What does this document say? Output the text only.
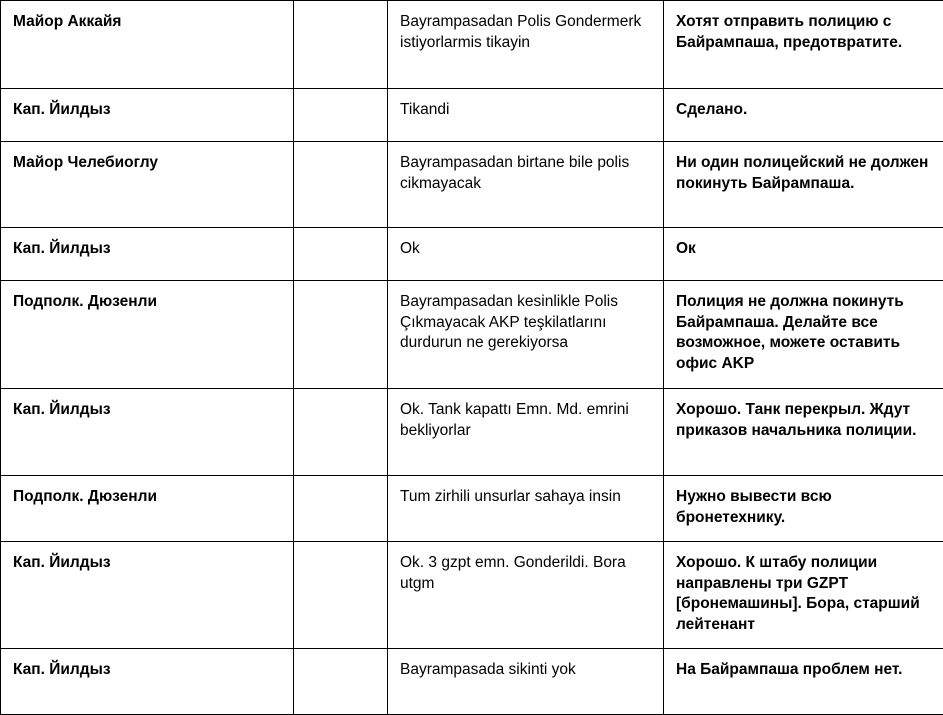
Майор Аккайя		Bayrampasadan Polis Gondermerk istiyorlarmis tikayin	Хотят отправить полицию с Байрампаша, предотвратите.
Кап. Йилдыз		Tikandi	Сделано.
Майор Челебиоглу		Bayrampasadan birtane bile polis cikmayacak	Ни один полицейский не должен покинуть Байрампаша.
Кап. Йилдыз		Ok	Ок
Подполк. Дюзенли		Bayrampasadan kesinlikle Polis Çıkmayacak AKP teşkilatlarını durdurun ne gerekiyorsa	Полиция не должна покинуть Байрампаша. Делайте все возможное, можете оставить офис AKP
Кап. Йилдыз		Ok. Tank kapattı Emn. Md. emrini bekliyorlar	Хорошо. Танк перекрыл. Ждут приказов начальника полиции.
Подполк. Дюзенли		Tum zirhili unsurlar sahaya insin	Нужно вывести всю бронетехнику.
Кап. Йилдыз		Ok. 3 gzpt emn. Gonderildi. Bora utgm	Хорошо. К штабу полиции направлены три GZPT [бронемашины]. Бора, старший лейтенант
Кап. Йилдыз		Bayrampasada sikinti yok	На Байрампаша проблем нет.
